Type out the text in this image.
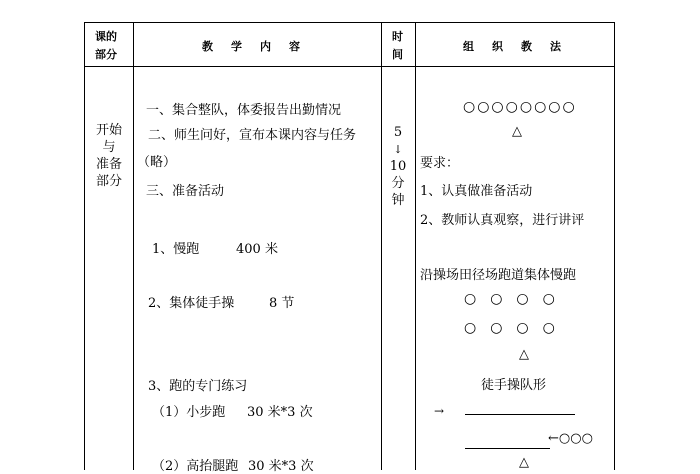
课的
部分
教学内容
时
间
组织教法
开始
与
准备
部分
一、集合整队，体委报告出勤情况
二、师生问好，宣布本课内容与任务
（略）
三、准备活动
1、慢跑	400 米
2、集体徒手操	8 节
3、跑的专门练习
（1）小步跑 30 米*3 次
（2）高抬腿跑 30 米*3 次
5
↓
10
分
钟
○○○○○○○○
△
要求：
1、认真做准备活动
2、教师认真观察，进行讲评
沿操场田径场跑道集体慢跑
○○○○
○○○○
△
徒手操队形
→
←○○○
△
